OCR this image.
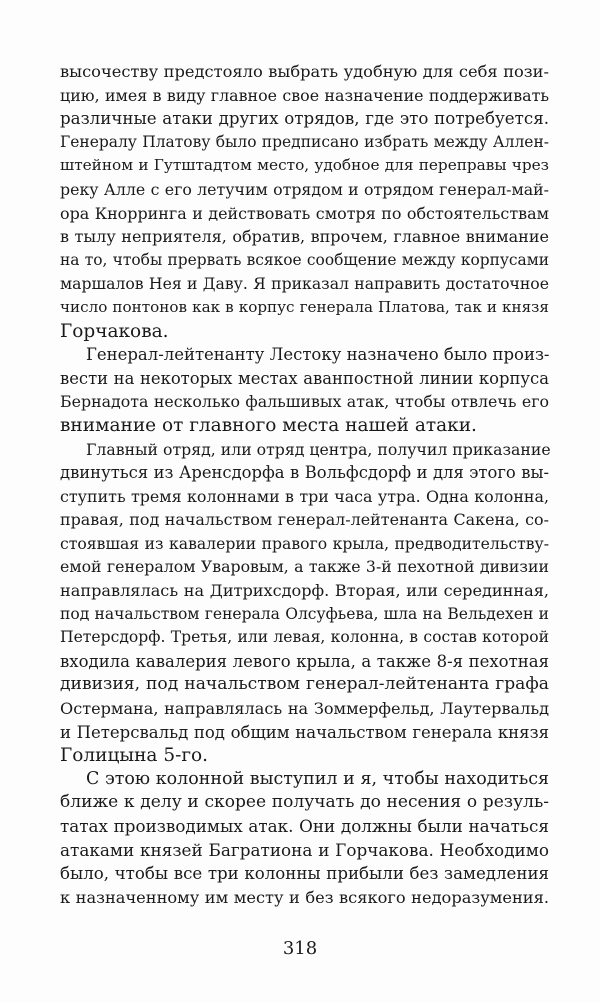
высочеству предстояло выбрать удобную для себя пози-
цию, имея в виду главное свое назначение поддерживать
различные атаки других отрядов, где это потребуется.
Генералу Платову было предписано избрать между Аллен-
штейном и Гутштадтом место, удобное для переправы чрез
реку Алле с его летучим отрядом и отрядом генерал-май-
ора Кнорринга и действовать смотря по обстоятельствам
в тылу неприятеля, обратив, впрочем, главное внимание
на то, чтобы прервать всякое сообщение между корпусами
маршалов Нея и Даву. Я приказал направить достаточное
число понтонов как в корпус генерала Платова, так и князя
Горчакова.
Генерал-лейтенанту Лестоку назначено было произ-
вести на некоторых местах аванпостной линии корпуса
Бернадота несколько фальшивых атак, чтобы отвлечь его
внимание от главного места нашей атаки.
Главный отряд, или отряд центра, получил приказание
двинуться из Аренсдорфа в Вольфсдорф и для этого вы-
ступить тремя колоннами в три часа утра. Одна колонна,
правая, под начальством генерал-лейтенанта Сакена, со-
стоявшая из кавалерии правого крыла, предводительству-
емой генералом Уваровым, а также 3-й пехотной дивизии
направлялась на Дитрихсдорф. Вторая, или серединная,
под начальством генерала Олсуфьева, шла на Вельдехен и
Петерсдорф. Третья, или левая, колонна, в состав которой
входила кавалерия левого крыла, а также 8-я пехотная
дивизия, под начальством генерал-лейтенанта графа
Остермана, направлялась на Зоммерфельд, Лаутервальд
и Петерсвальд под общим начальством генерала князя
Голицына 5-го.
С этою колонной выступил и я, чтобы находиться
ближе к делу и скорее получать до несения о резуль-
татах производимых атак. Они должны были начаться
атаками князей Багратиона и Горчакова. Необходимо
было, чтобы все три колонны прибыли без замедления
к назначенному им месту и без всякого недоразумения.
318
